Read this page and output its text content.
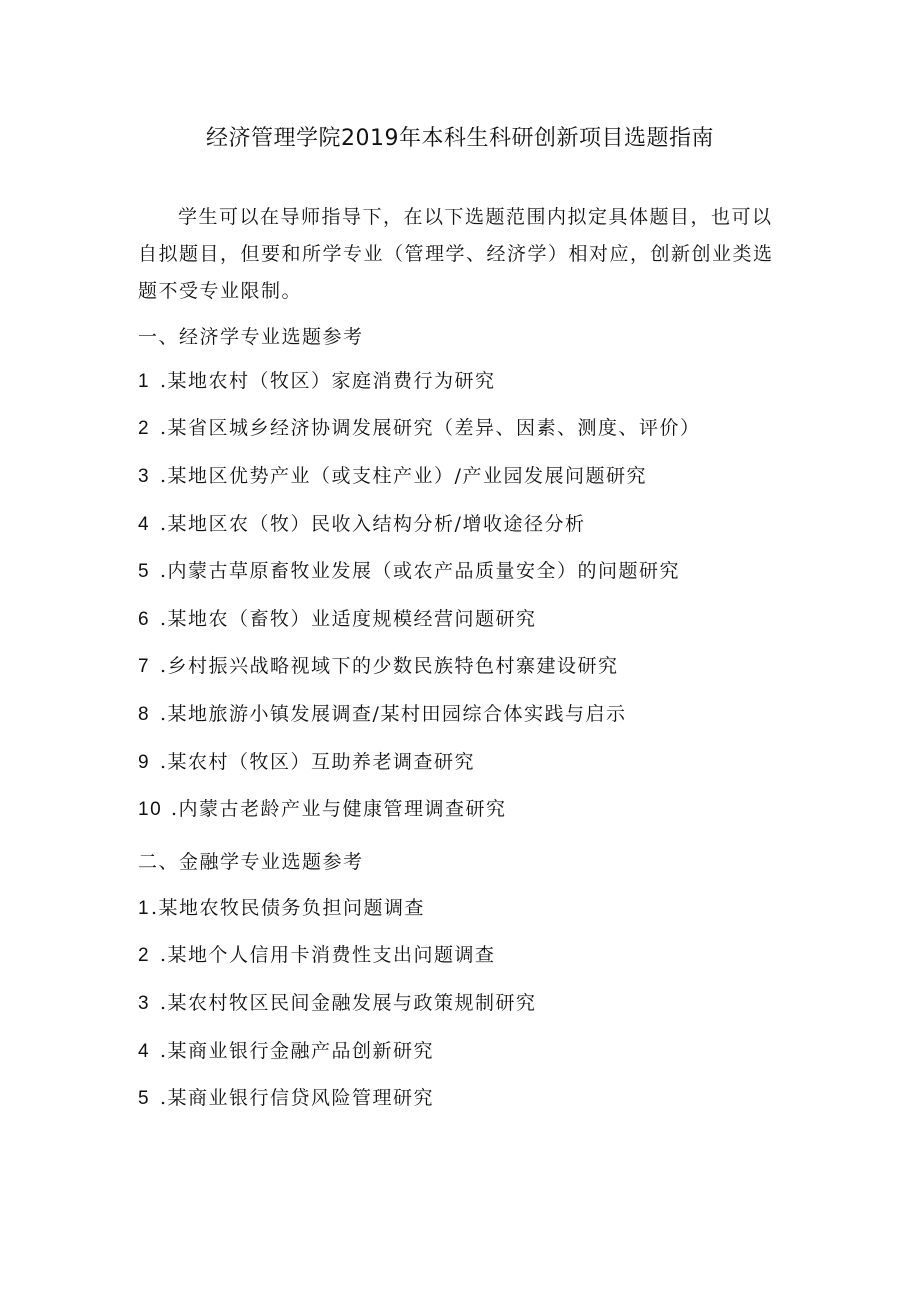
经济管理学院2019年本科生科研创新项目选题指南

学生可以在导师指导下，在以下选题范围内拟定具体题目，也可以自拟题目，但要和所学专业（管理学、经济学）相对应，创新创业类选题不受专业限制。

一、经济学专业选题参考
1 .某地农村（牧区）家庭消费行为研究
2 .某省区城乡经济协调发展研究（差异、因素、测度、评价）
3 .某地区优势产业（或支柱产业）/产业园发展问题研究
4 .某地区农（牧）民收入结构分析/增收途径分析
5 .内蒙古草原畜牧业发展（或农产品质量安全）的问题研究
6 .某地农（畜牧）业适度规模经营问题研究
7 .乡村振兴战略视域下的少数民族特色村寨建设研究
8 .某地旅游小镇发展调查/某村田园综合体实践与启示
9 .某农村（牧区）互助养老调查研究
10 .内蒙古老龄产业与健康管理调查研究
二、金融学专业选题参考
1.某地农牧民债务负担问题调查
2 .某地个人信用卡消费性支出问题调查
3 .某农村牧区民间金融发展与政策规制研究
4 .某商业银行金融产品创新研究
5 .某商业银行信贷风险管理研究
